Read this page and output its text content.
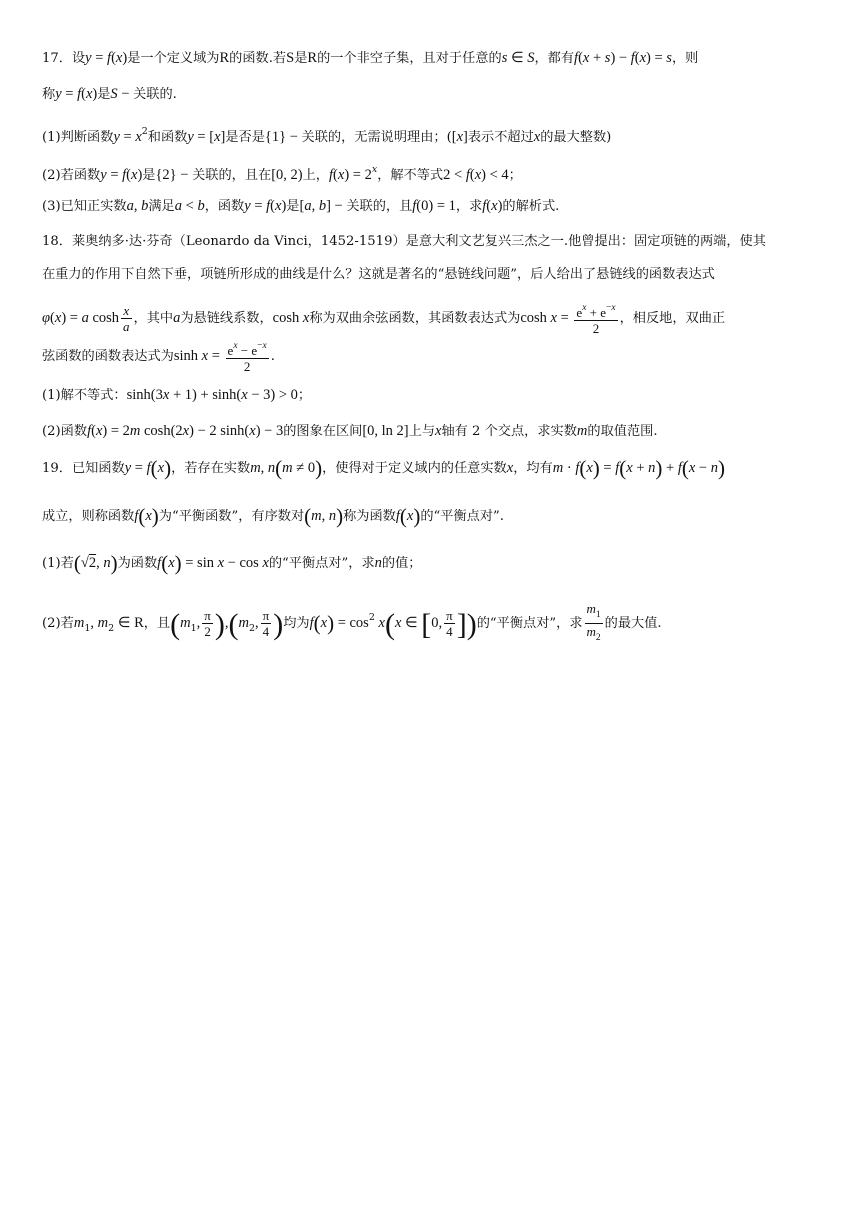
17．设y = f(x)是一个定义域为R的函数.若S是R的一个非空子集，且对于任意的s ∈ S，都有f(x + s) − f(x) = s，则
称y = f(x)是S − 关联的.
(1)判断函数$y = x^2$和函数y = [x]是否是{1} − 关联的，无需说明理由；([x]表示不超过x的最大整数)
(2)若函数y = f(x)是{2} − 关联的，且在[0, 2)上，$f(x) = 2^x$，解不等式2 < f(x) < 4；
(3)已知正实数a, b满足a < b，函数y = f(x)是[a, b] − 关联的，且f(0) = 1，求f(x)的解析式.
18．莱奥纳多·达·芬奇（Leonardo da Vinci，1452-1519）是意大利文艺复兴三杰之一.他曾提出：固定项链的两端，使其
在重力的作用下自然下垂，项链所形成的曲线是什么？这就是著名的“悬链线问题”，后人给出了悬链线的函数表达式
φ(x) = a $\cosh \frac{x}{a}$ ，其中a为悬链线系数，cosh x称为双曲余弦函数，其函数表达式为$\cosh x = \frac{e^x + e^{-x}}{2}$ ，相反地，双曲正
弦函数的函数表达式为$\sinh x = \frac{e^x - e^{-x}}{2}$ .
(1)解不等式：sinh(3x + 1) + sinh(x − 3) > 0；
(2)函数f(x) = 2m cosh(2x) − 2 sinh(x) − 3的图象在区间[0, ln 2]上与x轴有 2 个交点，求实数m的取值范围.
19．已知函数y = f(x)，若存在实数m, n(m ≠ 0)，使得对于定义域内的任意实数x，均有m · f(x) = f(x + n) + f(x − n)
成立，则称函数f(x)为“平衡函数”，有序数对(m, n)称为函数f(x)的“平衡点对”.
(1)若(√2, n)为函数f(x) = sin x − cos x的“平衡点对”，求n的值；
(2)若$m_1$, $m_2$ ∈ R，且($m_1$, $\frac{\pi}{2} ),(m_2$, $\frac{\pi}{4}$ )均为$f(x) = \cos^2 x(x$ ∈ [0, $\frac{\pi}{4}$ ])的“平衡点对”，求 $\frac{m_1}{m_2}$ 的最大值.
